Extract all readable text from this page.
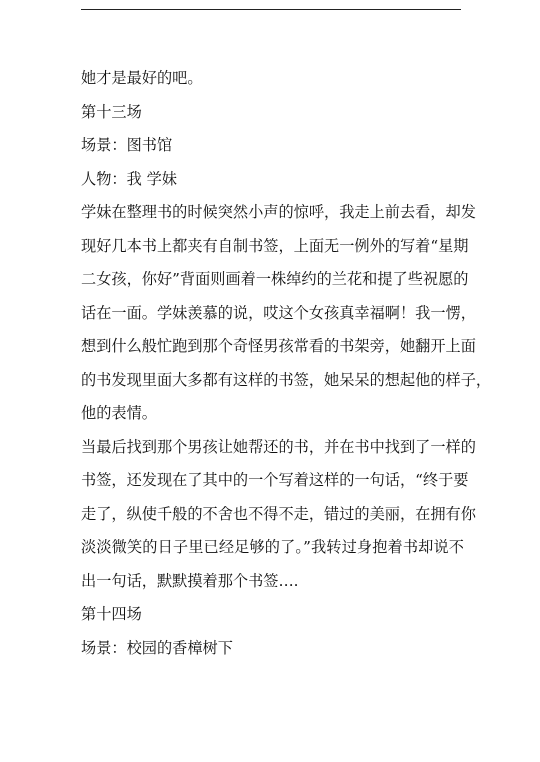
她才是最好的吧。
第十三场
场景：图书馆
人物：我 学妹
学妹在整理书的时候突然小声的惊呼，我走上前去看，却发
现好几本书上都夹有自制书签，上面无一例外的写着“星期
二女孩，你好”背面则画着一株绰约的兰花和提了些祝愿的
话在一面。学妹羡慕的说，哎这个女孩真幸福啊！我一愣，
想到什么般忙跑到那个奇怪男孩常看的书架旁，她翻开上面
的书发现里面大多都有这样的书签，她呆呆的想起他的样子，
他的表情。
当最后找到那个男孩让她帮还的书，并在书中找到了一样的
书签，还发现在了其中的一个写着这样的一句话，“终于要
走了，纵使千般的不舍也不得不走，错过的美丽，在拥有你
淡淡微笑的日子里已经足够的了。”我转过身抱着书却说不
出一句话，默默摸着那个书签….
第十四场
场景：校园的香樟树下
